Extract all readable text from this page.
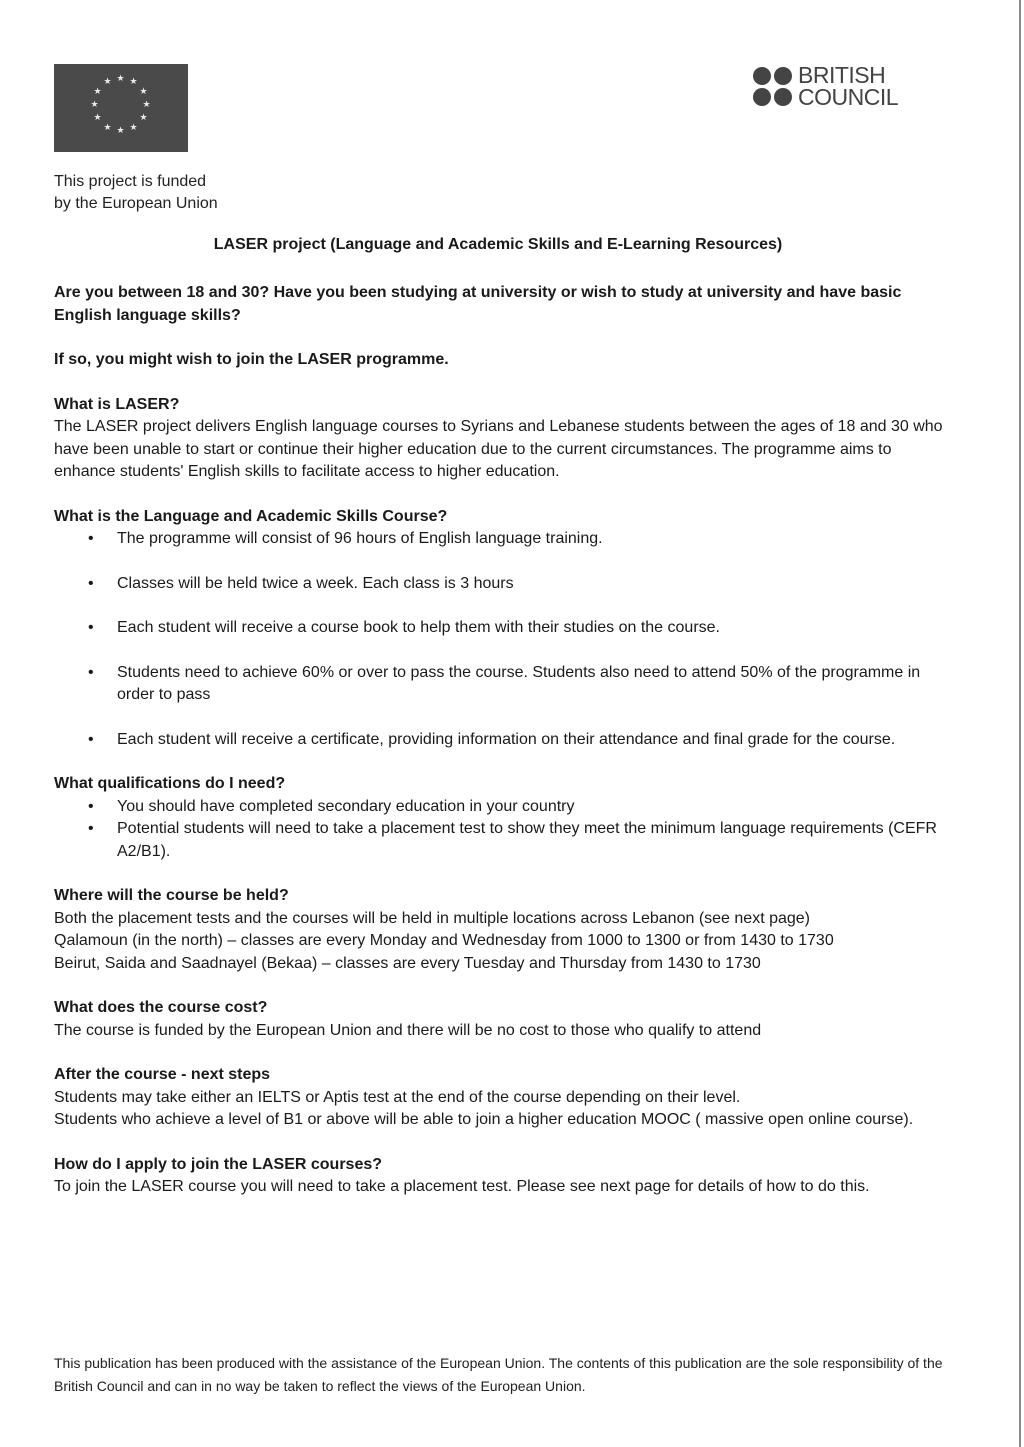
★ ★
★
★
★
★
★
★
★
★
★
★
This project is funded
by the European Union
BRITISH
COUNCIL
LASER project (Language and Academic Skills and E-Learning Resources)

Are you between 18 and 30? Have you been studying at university or wish to study at university and have basic English language skills?

If so, you might wish to join the LASER programme.

What is LASER?

The LASER project delivers English language courses to Syrians and Lebanese students between the ages of 18 and 30 who have been unable to start or continue their higher education due to the current circumstances. The programme aims to enhance students' English skills to facilitate access to higher education.

What is the Language and Academic Skills Course?

• The programme will consist of 96 hours of English language training.
• Classes will be held twice a week. Each class is 3 hours
• Each student will receive a course book to help them with their studies on the course.
• Students need to achieve 60% or over to pass the course. Students also need to attend 50% of the programme in order to pass
• Each student will receive a certificate, providing information on their attendance and final grade for the course.

What qualifications do I need?

• You should have completed secondary education in your country
• Potential students will need to take a placement test to show they meet the minimum language requirements (CEFR A2/B1).

Where will the course be held?

Both the placement tests and the courses will be held in multiple locations across Lebanon (see next page)

Qalamoun (in the north) – classes are every Monday and Wednesday from 1000 to 1300 or from 1430 to 1730

Beirut, Saida and Saadnayel (Bekaa) – classes are every Tuesday and Thursday from 1430 to 1730

What does the course cost?

The course is funded by the European Union and there will be no cost to those who qualify to attend

After the course - next steps

Students may take either an IELTS or Aptis test at the end of the course depending on their level.

Students who achieve a level of B1 or above will be able to join a higher education MOOC ( massive open online course).

How do I apply to join the LASER courses?

To join the LASER course you will need to take a placement test. Please see next page for details of how to do this.

This publication has been produced with the assistance of the European Union. The contents of this publication are the sole responsibility of the British Council and can in no way be taken to reflect the views of the European Union.
